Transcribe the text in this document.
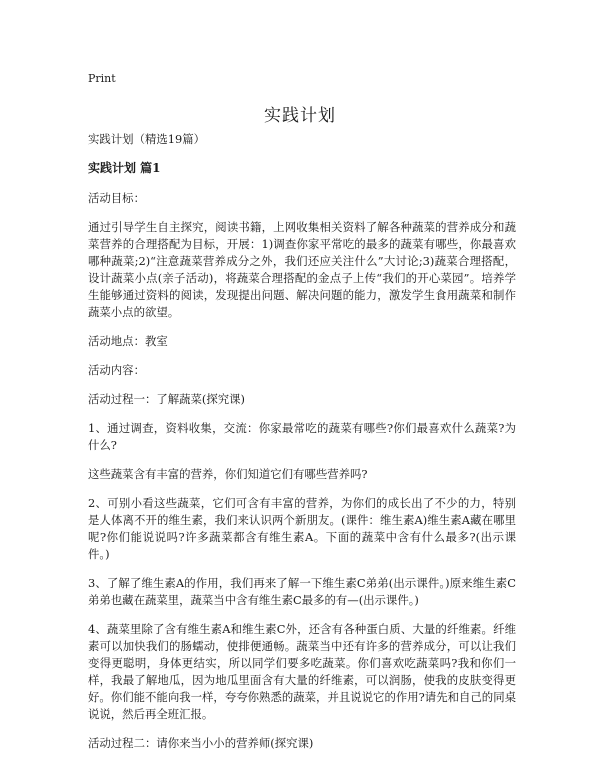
Print
实践计划

实践计划（精选19篇）

实践计划 篇1

活动目标：

通过引导学生自主探究，阅读书籍，上网收集相关资料了解各种蔬菜的营养成分和蔬菜营养的合理搭配为目标，开展：1)调查你家平常吃的最多的蔬菜有哪些，你最喜欢哪种蔬菜;2)“注意蔬菜营养成分之外，我们还应关注什么”大讨论;3)蔬菜合理搭配，设计蔬菜小点(亲子活动)，将蔬菜合理搭配的金点子上传“我们的开心菜园”。培养学生能够通过资料的阅读，发现提出问题、解决问题的能力，激发学生食用蔬菜和制作蔬菜小点的欲望。

活动地点：教室

活动内容：

活动过程一：了解蔬菜(探究课)

1、通过调查，资料收集，交流：你家最常吃的蔬菜有哪些?你们最喜欢什么蔬菜?为什么?

这些蔬菜含有丰富的营养，你们知道它们有哪些营养吗?

2、可别小看这些蔬菜，它们可含有丰富的营养，为你们的成长出了不少的力，特别是人体离不开的维生素，我们来认识两个新朋友。(课件：维生素A)维生素A藏在哪里呢?你们能说说吗?许多蔬菜都含有维生素A。下面的蔬菜中含有什么最多?(出示课件。)

3、了解了维生素A的作用，我们再来了解一下维生素C弟弟(出示课件。)原来维生素C弟弟也藏在蔬菜里，蔬菜当中含有维生素C最多的有—(出示课件。)

4、蔬菜里除了含有维生素A和维生素C外，还含有各种蛋白质、大量的纤维素。纤维素可以加快我们的肠蠕动，使排便通畅。蔬菜当中还有许多的营养成分，可以让我们变得更聪明，身体更结实，所以同学们要多吃蔬菜。你们喜欢吃蔬菜吗?我和你们一样，我最了解地瓜，因为地瓜里面含有大量的纤维素，可以润肠，使我的皮肤变得更好。你们能不能向我一样，夸夸你熟悉的蔬菜，并且说说它的作用?请先和自己的同桌说说，然后再全班汇报。

活动过程二：请你来当小小的营养师(探究课)
